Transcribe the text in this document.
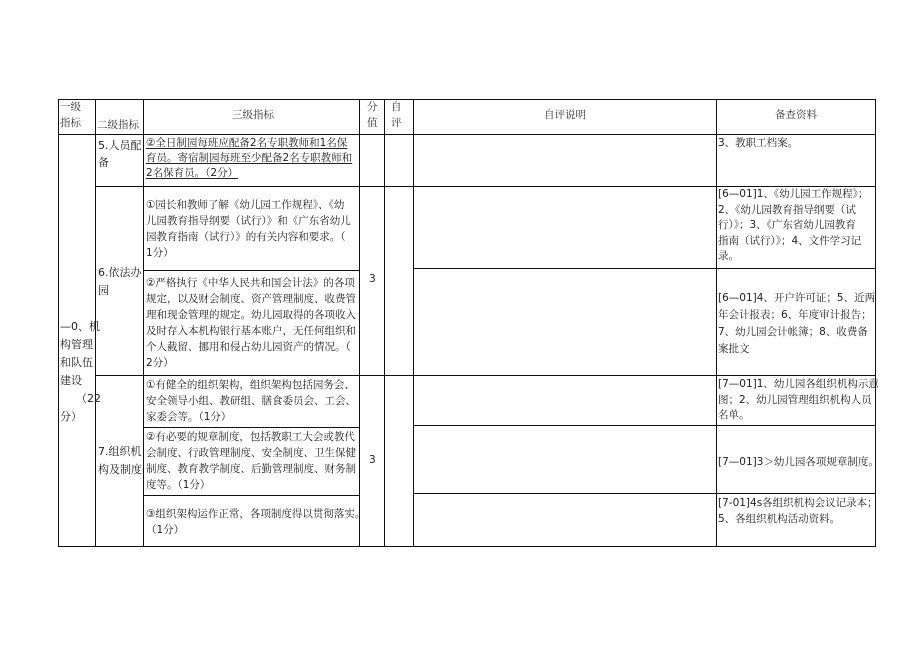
一级
指标 二级指标
三级指标
分
值
自
评
自评说明	备查资料
—0、机
构管理
和队伍
建设
（22
分）
5.人员配
备
②全日制园每班应配备2名专职教师和1名保
育员。寄宿制园每班至少配备2名专职教师和
2名保育员。（2分）
3、教职工档案。
6.依法办
园
3
①园长和教师了解《幼儿园工作规程》、《幼
儿园教育指导纲要（试行）》和《广东省幼儿
园教育指南（试行）》的有关内容和要求。（
1分）
[6—01]1、《幼儿园工作规程》；
2、《幼儿园教育指导纲要（试
行）》；3、《广东省幼儿园教育
指南（试行）》；4、文件学习记
录。
②严格执行《中华人民共和国会计法》的各项
规定，以及财会制度、资产管理制度、收费管
理和现金管理的规定。幼儿园取得的各项收入
及时存入本机构银行基本账户，无任何组织和
个人截留、挪用和侵占幼儿园资产的情况。（
2分）
[6—01]4、开户许可证；5、近两
年会计报表；6、年度审计报告；
7、幼儿园会计帐簿；8、收费备
案批文
7.组织机
构及制度
3
①有健全的组织架构，组织架构包括园务会、
安全领导小组、教研组、膳食委员会、工会、
家委会等。（1分）
[7—01]1、幼儿园各组织机构示意
图；2、幼儿园管理组织机构人员
名单。
②有必要的规章制度，包括教职工大会或教代
会制度、行政管理制度、安全制度、卫生保健
制度、教育教学制度、后勤管理制度、财务制
度等。（1分）
[7—01]3＞幼儿园各项规章制度。
③组织架构运作正常，各项制度得以贯彻落实。
（1分）
[7-01]4s各组织机构会议记录本；
5、各组织机构活动资料。
